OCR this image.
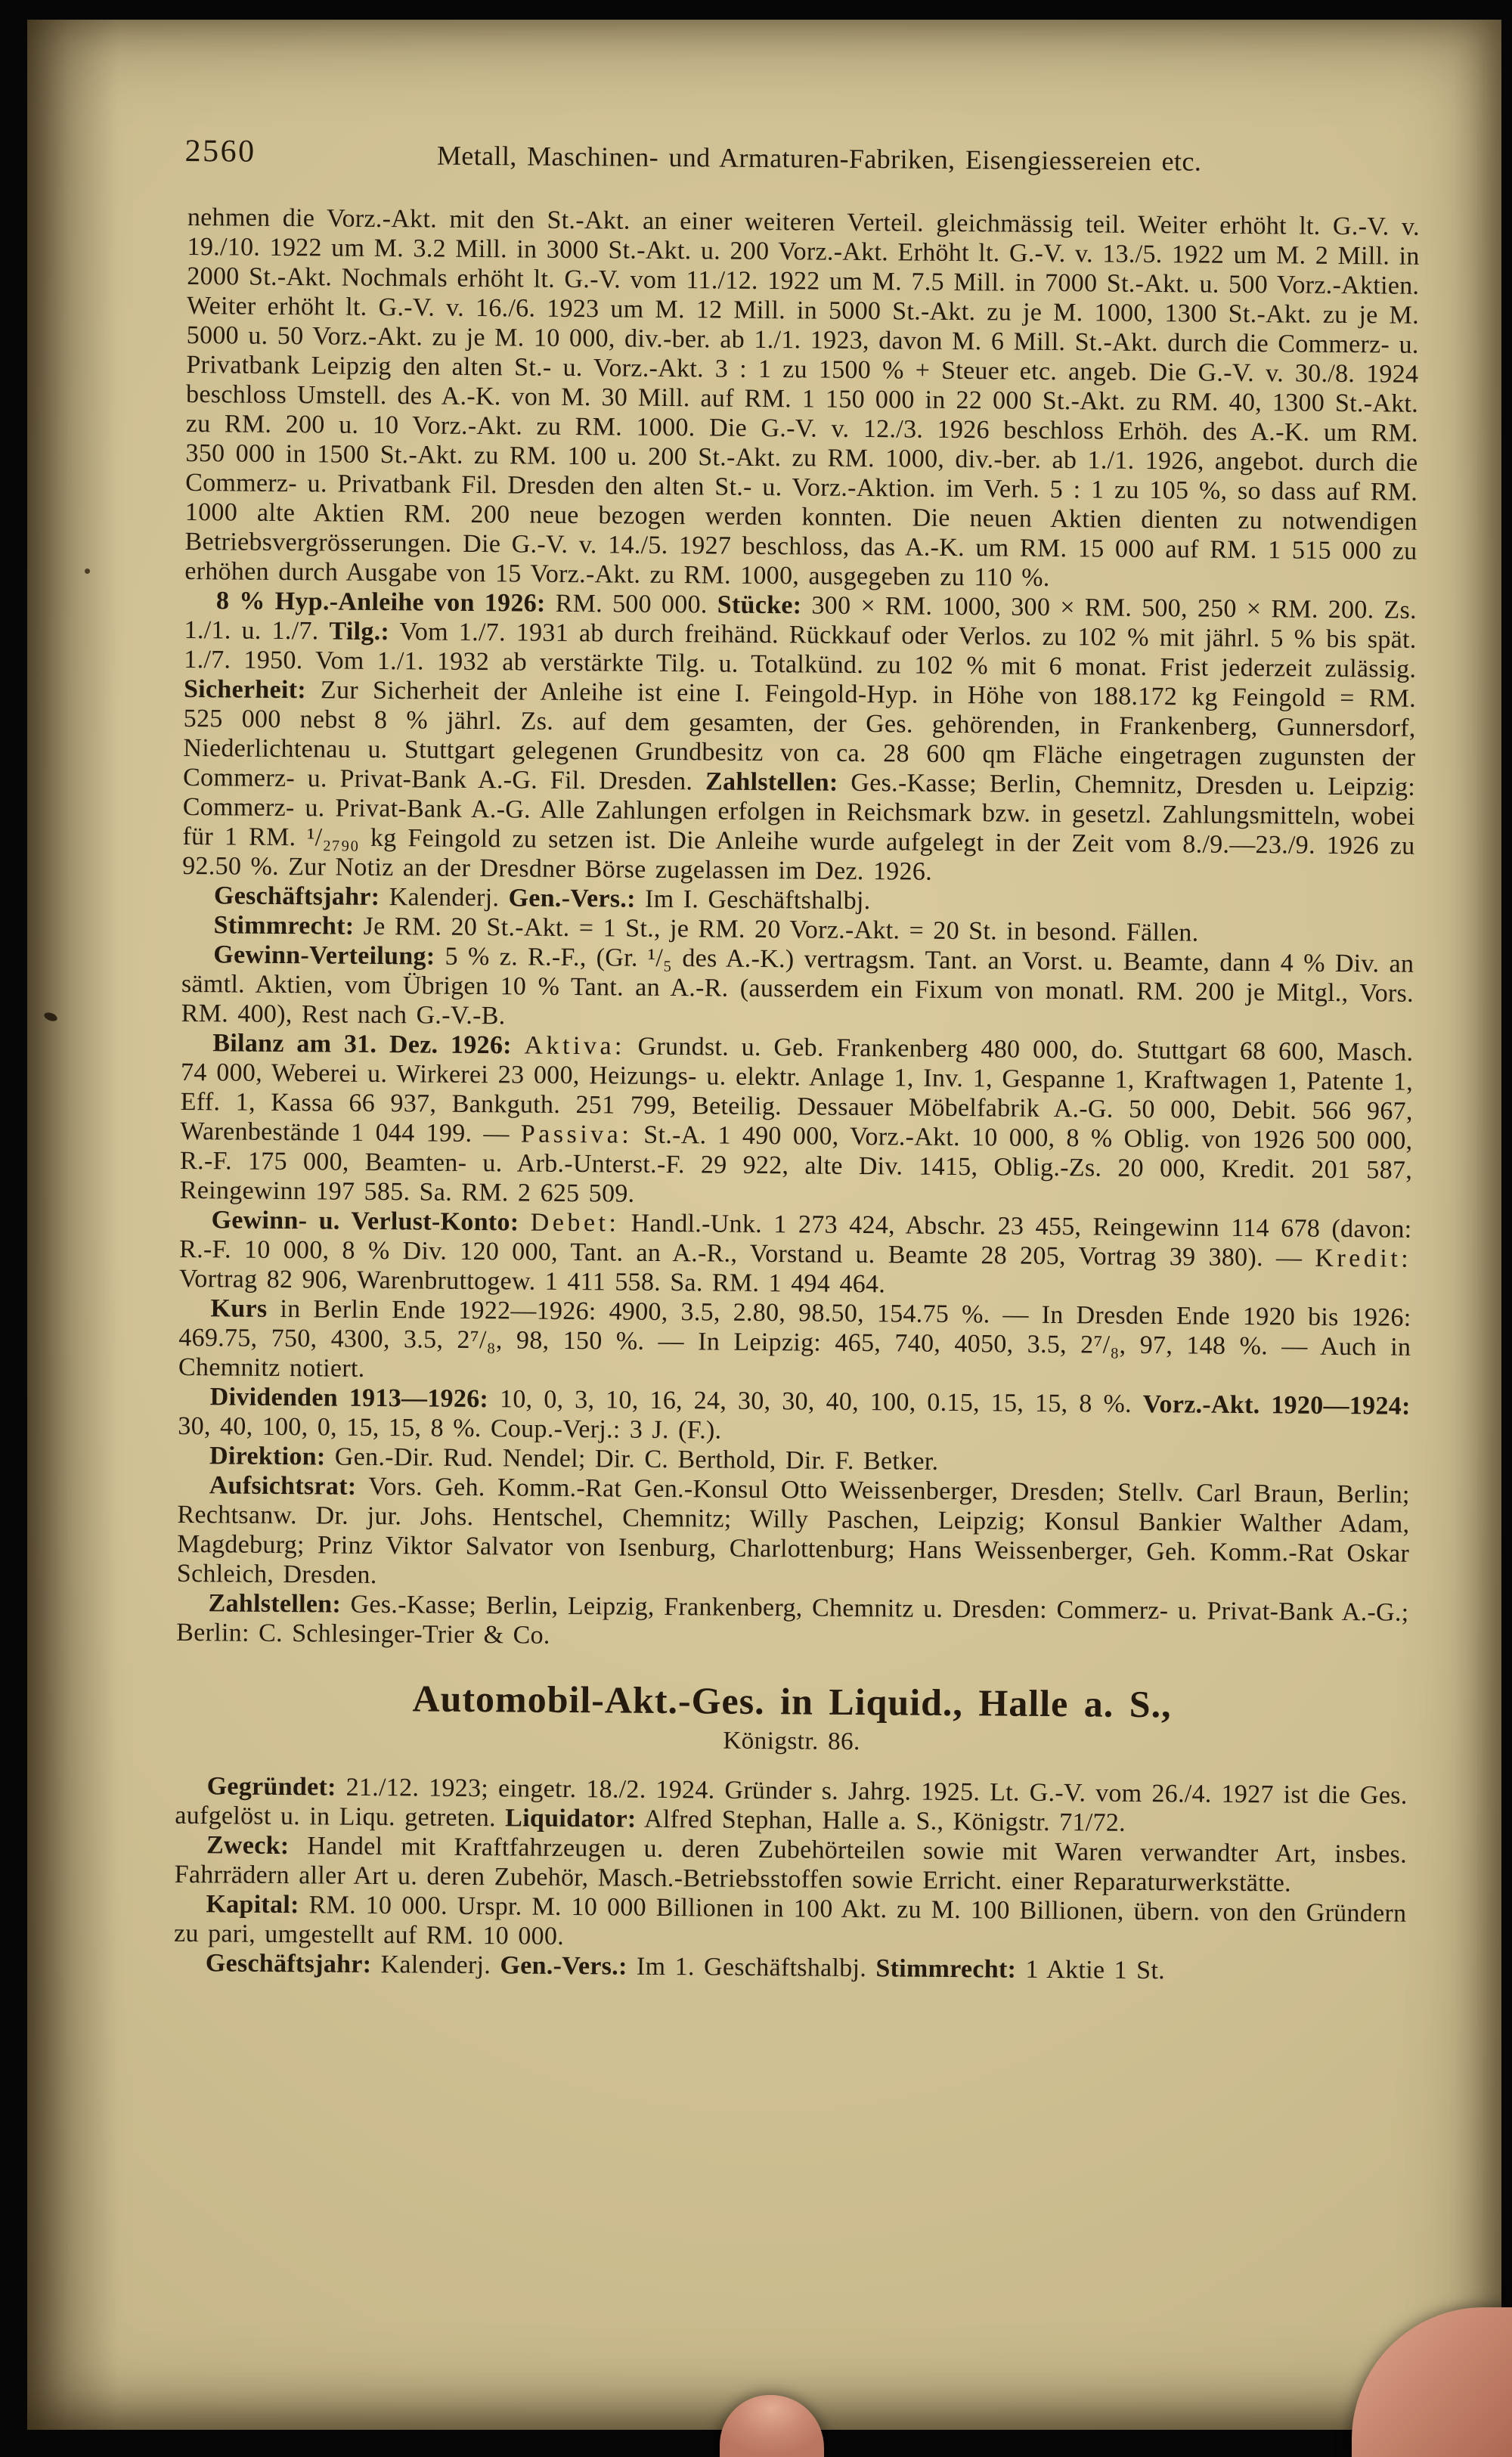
2560	Metall, Maschinen- und Armaturen-Fabriken, Eisengiessereien etc.

nehmen die Vorz.-Akt. mit den St.-Akt. an einer weiteren Verteil. gleichmässig teil. Weiter erhöht lt. G.-V. v. 19./10. 1922 um M. 3.2 Mill. in 3000 St.-Akt. u. 200 Vorz.-Akt. Erhöht lt. G.-V. v. 13./5. 1922 um M. 2 Mill. in 2000 St.-Akt. Nochmals erhöht lt. G.-V. vom 11./12. 1922 um M. 7.5 Mill. in 7000 St.-Akt. u. 500 Vorz.-Aktien. Weiter erhöht lt. G.-V. v. 16./6. 1923 um M. 12 Mill. in 5000 St.-Akt. zu je M. 1000, 1300 St.-Akt. zu je M. 5000 u. 50 Vorz.-Akt. zu je M. 10 000, div.-ber. ab 1./1. 1923, davon M. 6 Mill. St.-Akt. durch die Commerz- u. Privatbank Leipzig den alten St.- u. Vorz.-Akt. 3 : 1 zu 1500 % + Steuer etc. angeb. Die G.-V. v. 30./8. 1924 beschloss Umstell. des A.-K. von M. 30 Mill. auf RM. 1 150 000 in 22 000 St.-Akt. zu RM. 40, 1300 St.-Akt. zu RM. 200 u. 10 Vorz.-Akt. zu RM. 1000. Die G.-V. v. 12./3. 1926 beschloss Erhöh. des A.-K. um RM. 350 000 in 1500 St.-Akt. zu RM. 100 u. 200 St.-Akt. zu RM. 1000, div.-ber. ab 1./1. 1926, angebot. durch die Commerz- u. Privatbank Fil. Dresden den alten St.- u. Vorz.-Aktion. im Verh. 5 : 1 zu 105 %, so dass auf RM. 1000 alte Aktien RM. 200 neue bezogen werden konnten. Die neuen Aktien dienten zu notwendigen Betriebsvergrösserungen. Die G.-V. v. 14./5. 1927 beschloss, das A.-K. um RM. 15 000 auf RM. 1 515 000 zu erhöhen durch Ausgabe von 15 Vorz.-Akt. zu RM. 1000, ausgegeben zu 110 %.

8 % Hyp.-Anleihe von 1926: RM. 500 000. Stücke: 300 × RM. 1000, 300 × RM. 500, 250 × RM. 200. Zs. 1./1. u. 1./7. Tilg.: Vom 1./7. 1931 ab durch freihänd. Rückkauf oder Verlos. zu 102 % mit jährl. 5 % bis spät. 1./7. 1950. Vom 1./1. 1932 ab verstärkte Tilg. u. Totalkünd. zu 102 % mit 6 monat. Frist jederzeit zulässig. Sicherheit: Zur Sicherheit der Anleihe ist eine I. Feingold-Hyp. in Höhe von 188.172 kg Feingold = RM. 525 000 nebst 8 % jährl. Zs. auf dem gesamten, der Ges. gehörenden, in Frankenberg, Gunnersdorf, Niederlichtenau u. Stuttgart gelegenen Grundbesitz von ca. 28 600 qm Fläche eingetragen zugunsten der Commerz- u. Privat-Bank A.-G. Fil. Dresden. Zahlstellen: Ges.-Kasse; Berlin, Chemnitz, Dresden u. Leipzig: Commerz- u. Privat-Bank A.-G. Alle Zahlungen erfolgen in Reichsmark bzw. in gesetzl. Zahlungsmitteln, wobei für 1 RM. ¹/₂₇₉₀ kg Feingold zu setzen ist. Die Anleihe wurde aufgelegt in der Zeit vom 8./9.—23./9. 1926 zu 92.50 %. Zur Notiz an der Dresdner Börse zugelassen im Dez. 1926.

Geschäftsjahr: Kalenderj. Gen.-Vers.: Im I. Geschäftshalbj.

Stimmrecht: Je RM. 20 St.-Akt. = 1 St., je RM. 20 Vorz.-Akt. = 20 St. in besond. Fällen.

Gewinn-Verteilung: 5 % z. R.-F., (Gr. ¹/₅ des A.-K.) vertragsm. Tant. an Vorst. u. Beamte, dann 4 % Div. an sämtl. Aktien, vom Übrigen 10 % Tant. an A.-R. (ausserdem ein Fixum von monatl. RM. 200 je Mitgl., Vors. RM. 400), Rest nach G.-V.-B.

Bilanz am 31. Dez. 1926: Aktiva: Grundst. u. Geb. Frankenberg 480 000, do. Stuttgart 68 600, Masch. 74 000, Weberei u. Wirkerei 23 000, Heizungs- u. elektr. Anlage 1, Inv. 1, Gespanne 1, Kraftwagen 1, Patente 1, Eff. 1, Kassa 66 937, Bankguth. 251 799, Beteilig. Dessauer Möbelfabrik A.-G. 50 000, Debit. 566 967, Warenbestände 1 044 199. — Passiva: St.-A. 1 490 000, Vorz.-Akt. 10 000, 8 % Oblig. von 1926 500 000, R.-F. 175 000, Beamten- u. Arb.-Unterst.-F. 29 922, alte Div. 1415, Oblig.-Zs. 20 000, Kredit. 201 587, Reingewinn 197 585. Sa. RM. 2 625 509.

Gewinn- u. Verlust-Konto: Debet: Handl.-Unk. 1 273 424, Abschr. 23 455, Reingewinn 114 678 (davon: R.-F. 10 000, 8 % Div. 120 000, Tant. an A.-R., Vorstand u. Beamte 28 205, Vortrag 39 380). — Kredit: Vortrag 82 906, Warenbruttogew. 1 411 558. Sa. RM. 1 494 464.

Kurs in Berlin Ende 1922—1926: 4900, 3.5, 2.80, 98.50, 154.75 %. — In Dresden Ende 1920 bis 1926: 469.75, 750, 4300, 3.5, 2⁷/₈, 98, 150 %. — In Leipzig: 465, 740, 4050, 3.5, 2⁷/₈, 97, 148 %. — Auch in Chemnitz notiert.

Dividenden 1913—1926: 10, 0, 3, 10, 16, 24, 30, 30, 40, 100, 0.15, 15, 15, 8 %. Vorz.-Akt. 1920—1924: 30, 40, 100, 0, 15, 15, 8 %. Coup.-Verj.: 3 J. (F.).

Direktion: Gen.-Dir. Rud. Nendel; Dir. C. Berthold, Dir. F. Betker.

Aufsichtsrat: Vors. Geh. Komm.-Rat Gen.-Konsul Otto Weissenberger, Dresden; Stellv. Carl Braun, Berlin; Rechtsanw. Dr. jur. Johs. Hentschel, Chemnitz; Willy Paschen, Leipzig; Konsul Bankier Walther Adam, Magdeburg; Prinz Viktor Salvator von Isenburg, Charlottenburg; Hans Weissenberger, Geh. Komm.-Rat Oskar Schleich, Dresden.

Zahlstellen: Ges.-Kasse; Berlin, Leipzig, Frankenberg, Chemnitz u. Dresden: Commerz- u. Privat-Bank A.-G.; Berlin: C. Schlesinger-Trier & Co.

Automobil-Akt.-Ges. in Liquid., Halle a. S.,
Königstr. 86.

Gegründet: 21./12. 1923; eingetr. 18./2. 1924. Gründer s. Jahrg. 1925. Lt. G.-V. vom 26./4. 1927 ist die Ges. aufgelöst u. in Liqu. getreten. Liquidator: Alfred Stephan, Halle a. S., Königstr. 71/72.

Zweck: Handel mit Kraftfahrzeugen u. deren Zubehörteilen sowie mit Waren verwandter Art, insbes. Fahrrädern aller Art u. deren Zubehör, Masch.-Betriebsstoffen sowie Erricht. einer Reparaturwerkstätte.

Kapital: RM. 10 000. Urspr. M. 10 000 Billionen in 100 Akt. zu M. 100 Billionen, übern. von den Gründern zu pari, umgestellt auf RM. 10 000.

Geschäftsjahr: Kalenderj. Gen.-Vers.: Im 1. Geschäftshalbj. Stimmrecht: 1 Aktie 1 St.
